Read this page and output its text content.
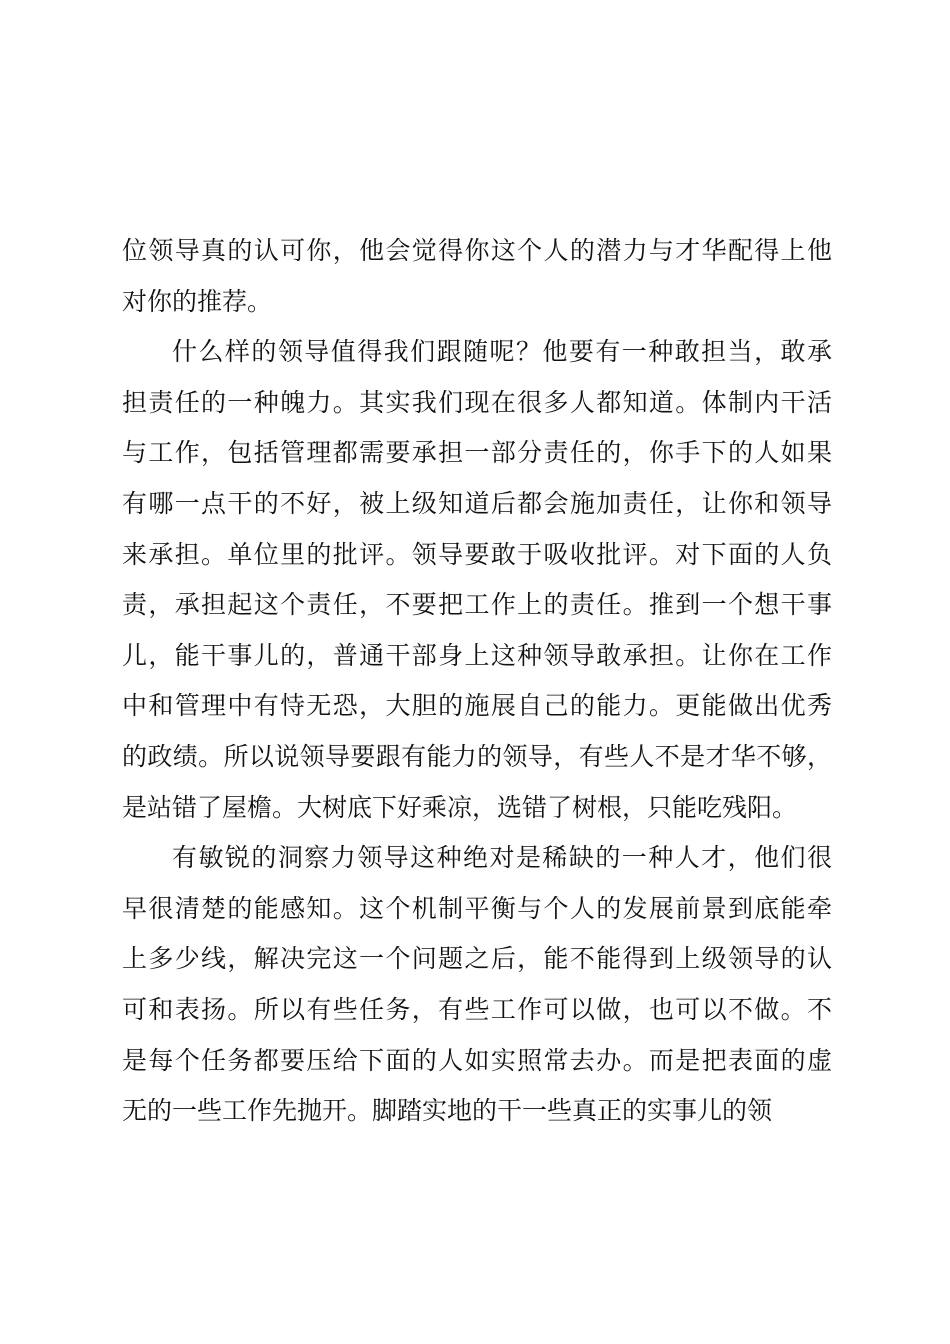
位领导真的认可你，他会觉得你这个人的潜力与才华配得上他
对你的推荐。
什么样的领导值得我们跟随呢？他要有一种敢担当，敢承
担责任的一种魄力。其实我们现在很多人都知道。体制内干活
与工作，包括管理都需要承担一部分责任的，你手下的人如果
有哪一点干的不好，被上级知道后都会施加责任，让你和领导
来承担。单位里的批评。领导要敢于吸收批评。对下面的人负
责，承担起这个责任，不要把工作上的责任。推到一个想干事
儿，能干事儿的，普通干部身上这种领导敢承担。让你在工作
中和管理中有恃无恐，大胆的施展自己的能力。更能做出优秀
的政绩。所以说领导要跟有能力的领导，有些人不是才华不够，
是站错了屋檐。大树底下好乘凉，选错了树根，只能吃残阳。
有敏锐的洞察力领导这种绝对是稀缺的一种人才，他们很
早很清楚的能感知。这个机制平衡与个人的发展前景到底能牵
上多少线，解决完这一个问题之后，能不能得到上级领导的认
可和表扬。所以有些任务，有些工作可以做，也可以不做。不
是每个任务都要压给下面的人如实照常去办。而是把表面的虚
无的一些工作先抛开。脚踏实地的干一些真正的实事儿的领
